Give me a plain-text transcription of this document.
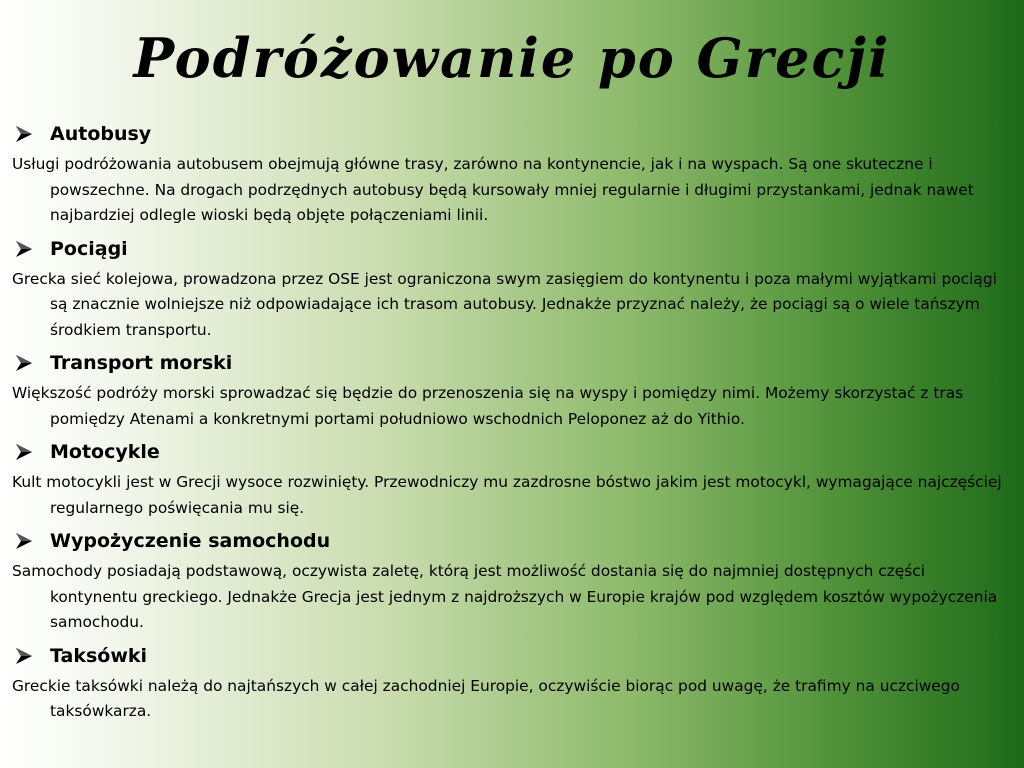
Podróżowanie po Grecji
Autobusy

Usługi podróżowania autobusem obejmują główne trasy, zarówno na kontynencie, jak i na wyspach. Są one skuteczne i powszechne. Na drogach podrzędnych autobusy będą kursowały mniej regularnie i długimi przystankami, jednak nawet najbardziej odlegle wioski będą objęte połączeniami linii.

Pociągi

Grecka sieć kolejowa, prowadzona przez OSE jest ograniczona swym zasięgiem do kontynentu i poza małymi wyjątkami pociągi są znacznie wolniejsze niż odpowiadające ich trasom autobusy. Jednakże przyznać należy, że pociągi są o wiele tańszym środkiem transportu.

Transport morski

Większość podróży morski sprowadzać się będzie do przenoszenia się na wyspy i pomiędzy nimi. Możemy skorzystać z tras pomiędzy Atenami a konkretnymi portami południowo wschodnich Peloponez aż do Yithio.

Motocykle

Kult motocykli jest w Grecji wysoce rozwinięty. Przewodniczy mu zazdrosne bóstwo jakim jest motocykl, wymagające najczęściej regularnego poświęcania mu się.

Wypożyczenie samochodu

Samochody posiadają podstawową, oczywista zaletę, którą jest możliwość dostania się do najmniej dostępnych części kontynentu greckiego. Jednakże Grecja jest jednym z najdroższych w Europie krajów pod względem kosztów wypożyczenia samochodu.

Taksówki

Greckie taksówki należą do najtańszych w całej zachodniej Europie, oczywiście biorąc pod uwagę, że trafimy na uczciwego taksówkarza.
